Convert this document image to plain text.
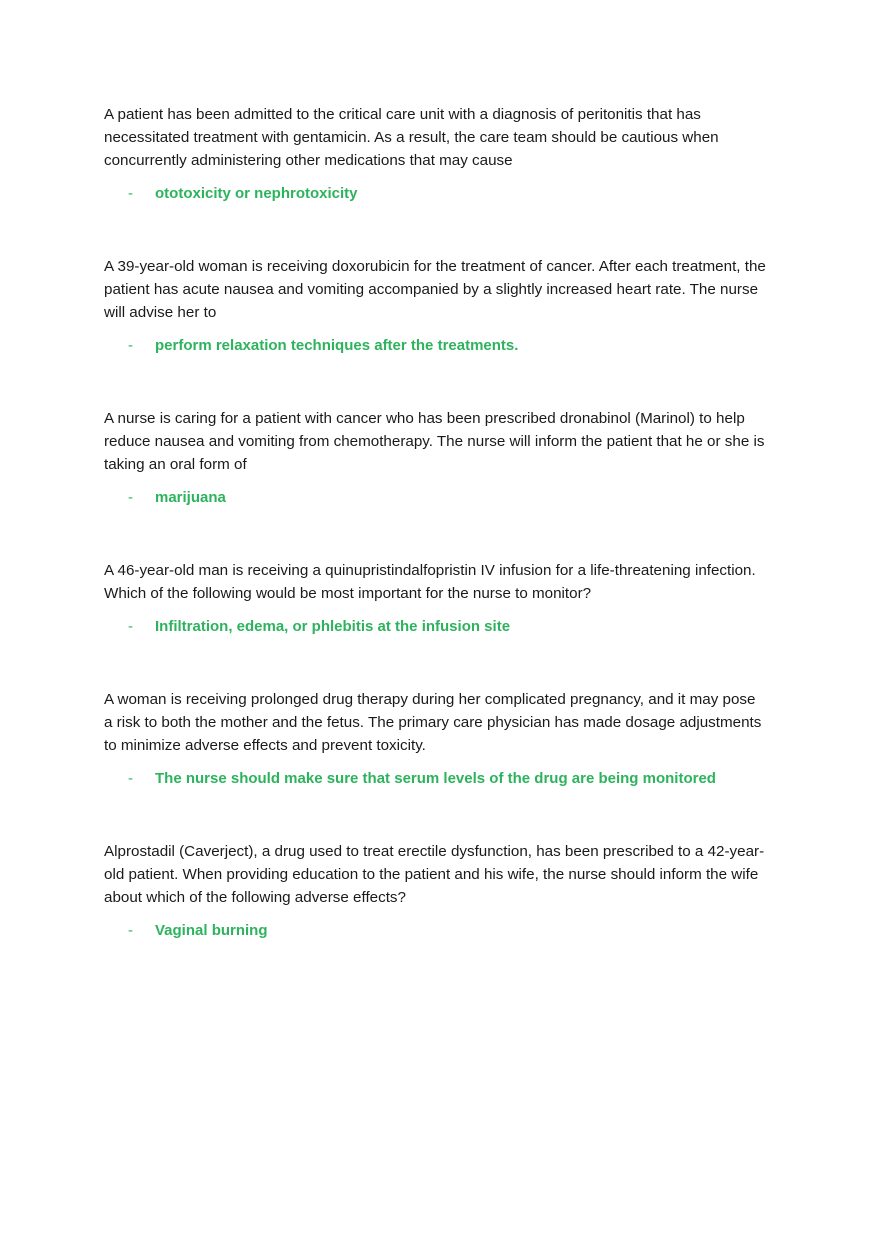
A patient has been admitted to the critical care unit with a diagnosis of peritonitis that has necessitated treatment with gentamicin. As a result, the care team should be cautious when concurrently administering other medications that may cause

- ototoxicity or nephrotoxicity

A 39-year-old woman is receiving doxorubicin for the treatment of cancer. After each treatment, the patient has acute nausea and vomiting accompanied by a slightly increased heart rate. The nurse will advise her to

- perform relaxation techniques after the treatments.

A nurse is caring for a patient with cancer who has been prescribed dronabinol (Marinol) to help reduce nausea and vomiting from chemotherapy. The nurse will inform the patient that he or she is taking an oral form of

- marijuana

A 46-year-old man is receiving a quinupristindalfopristin IV infusion for a life-threatening infection. Which of the following would be most important for the nurse to monitor?

- Infiltration, edema, or phlebitis at the infusion site

A woman is receiving prolonged drug therapy during her complicated pregnancy, and it may pose a risk to both the mother and the fetus. The primary care physician has made dosage adjustments to minimize adverse effects and prevent toxicity.

- The nurse should make sure that serum levels of the drug are being monitored

Alprostadil (Caverject), a drug used to treat erectile dysfunction, has been prescribed to a 42-year-old patient. When providing education to the patient and his wife, the nurse should inform the wife about which of the following adverse effects?

- Vaginal burning
